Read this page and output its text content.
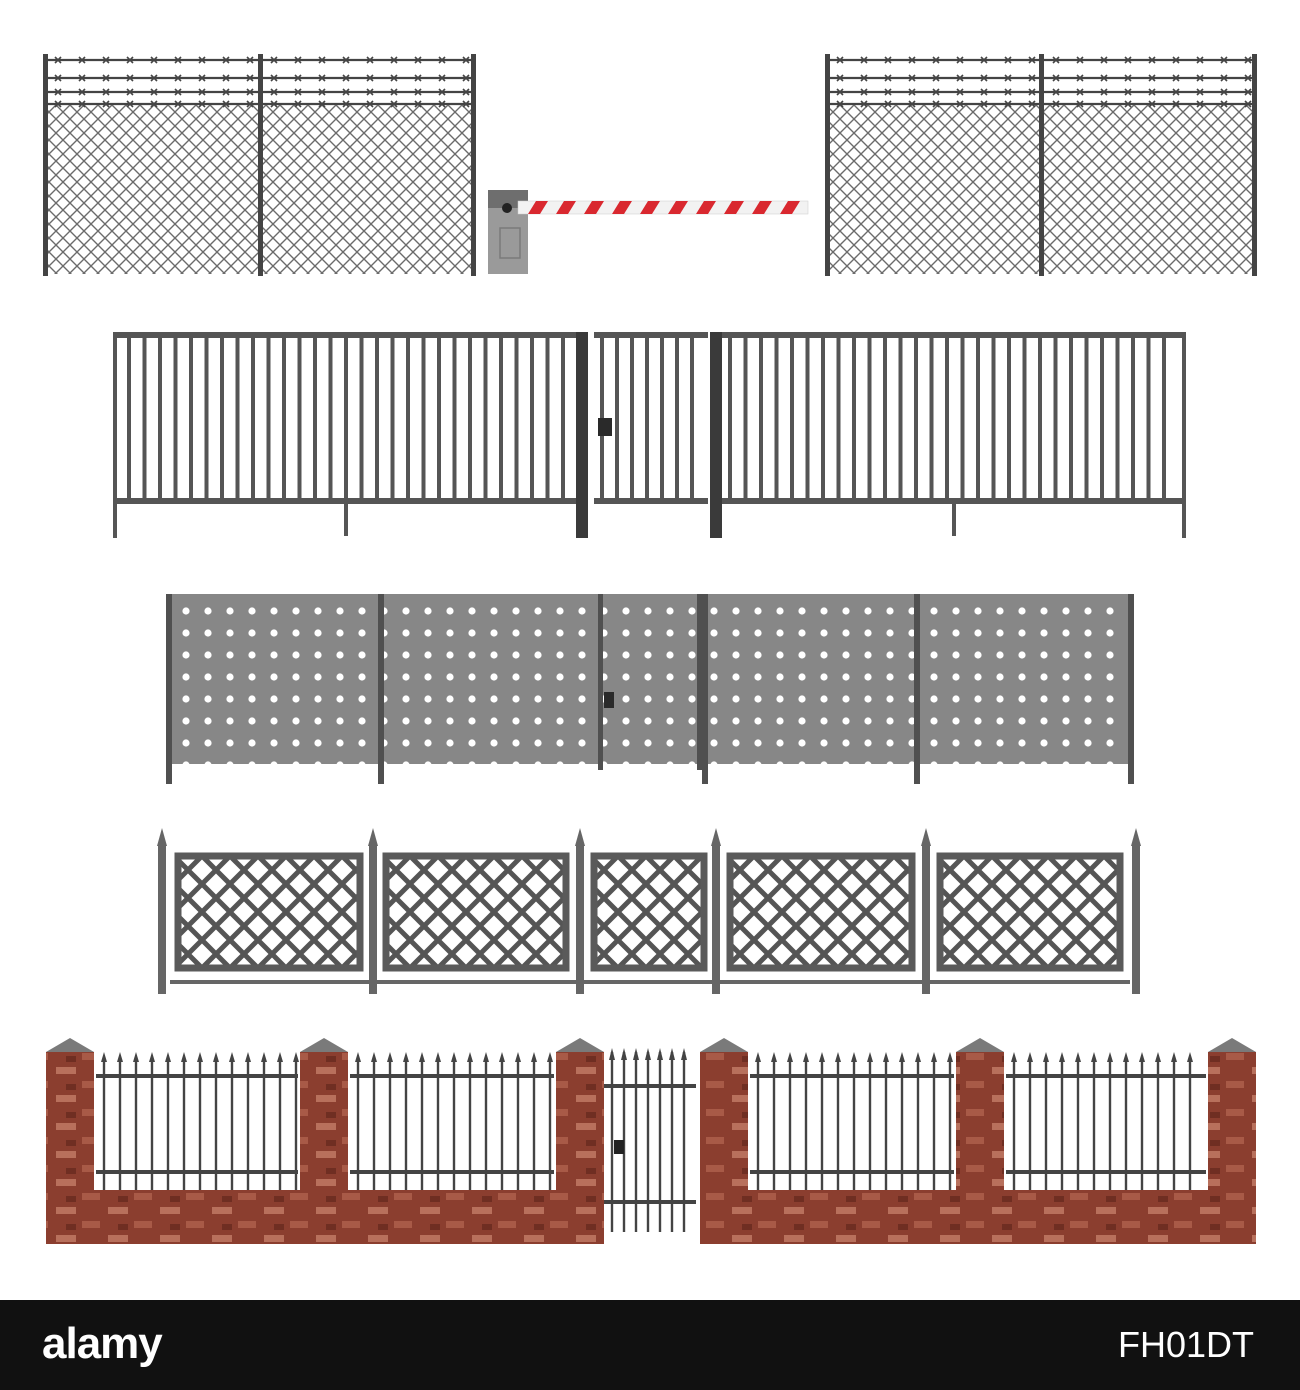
alamy	FH01DT
